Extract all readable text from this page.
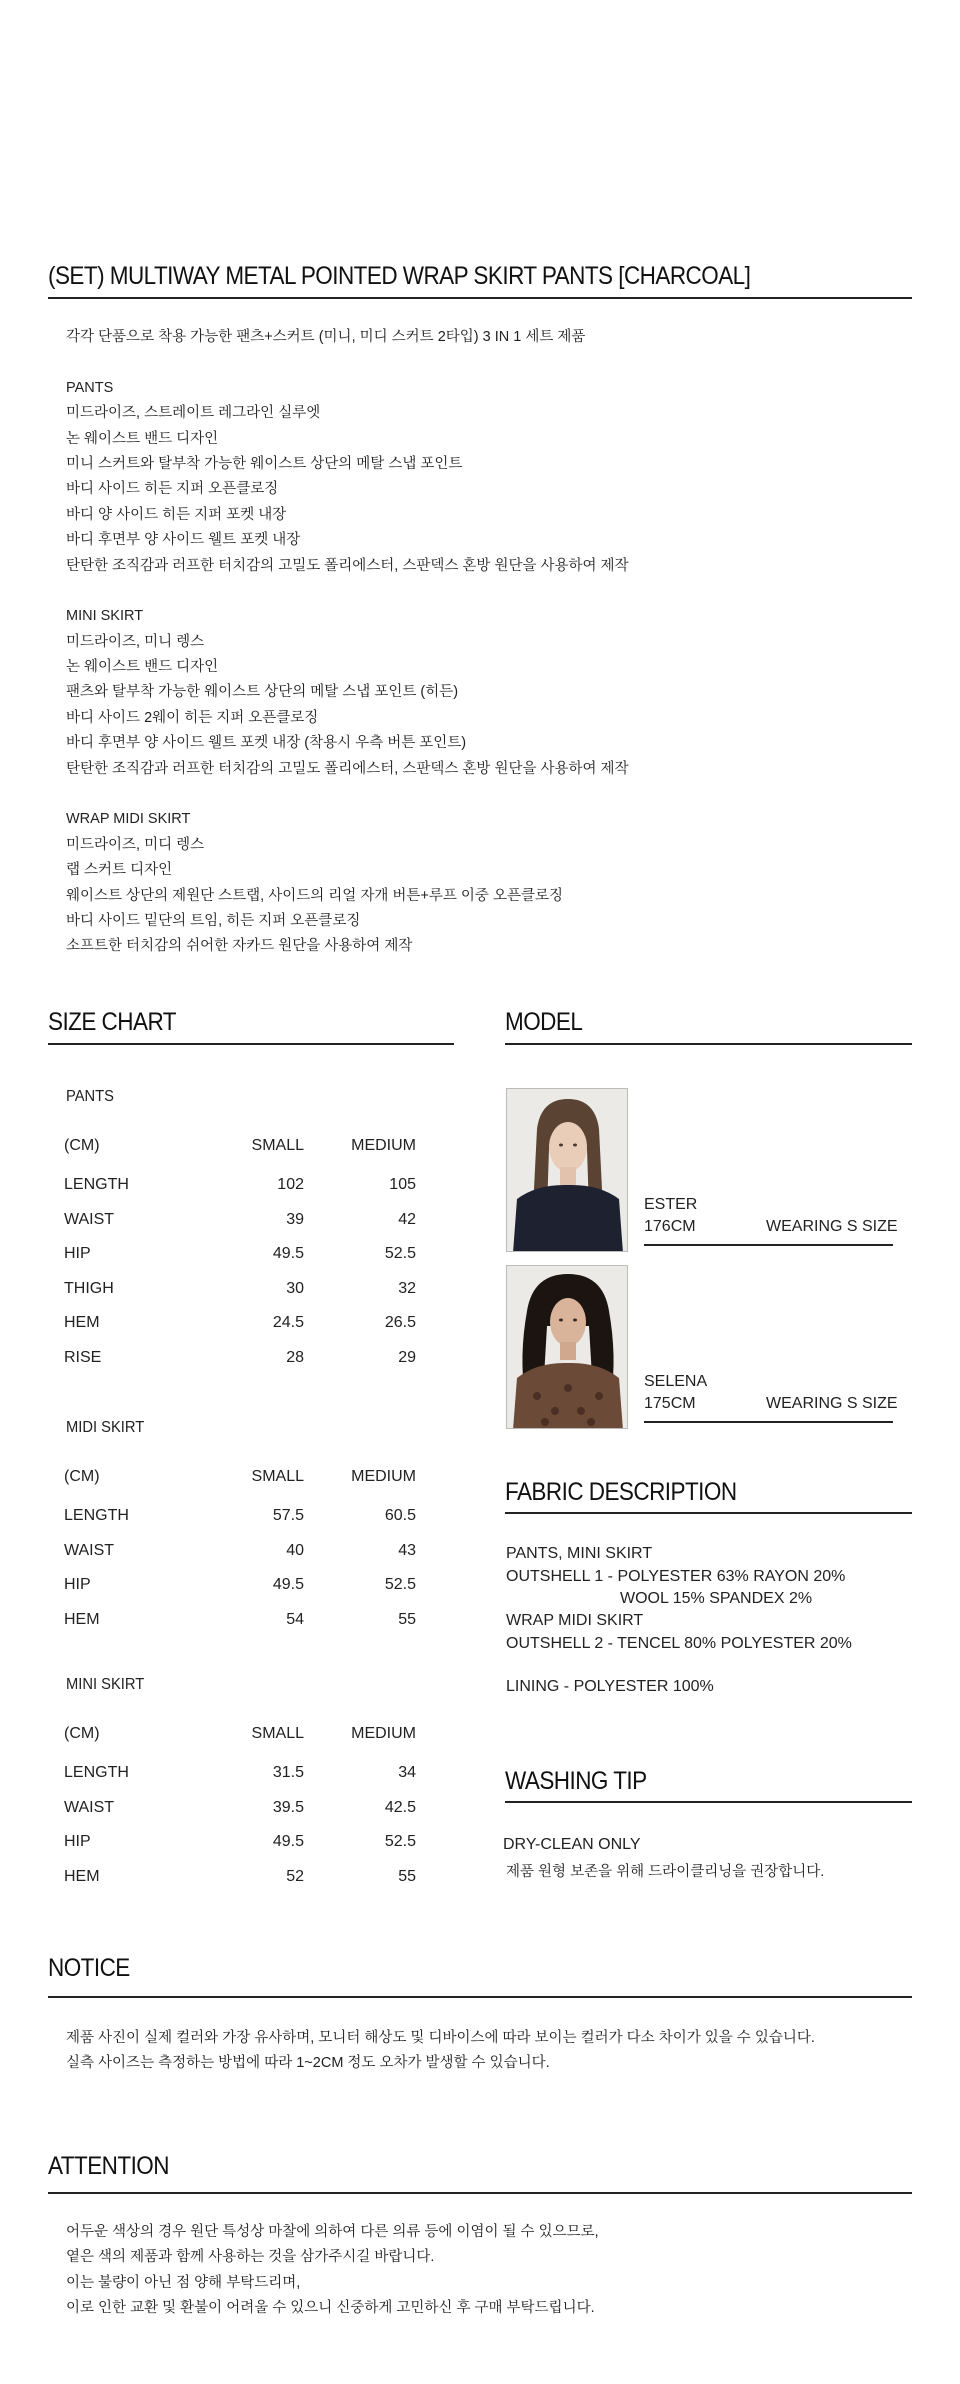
(SET) MULTIWAY METAL POINTED WRAP SKIRT PANTS [CHARCOAL]
각각 단품으로 착용 가능한 팬츠+스커트 (미니, 미디 스커트 2타입) 3 IN 1 세트 제품
PANTS
미드라이즈, 스트레이트 레그라인 실루엣
논 웨이스트 밴드 디자인
미니 스커트와 탈부착 가능한 웨이스트 상단의 메탈 스냅 포인트
바디 사이드 히든 지퍼 오픈클로징
바디 양 사이드 히든 지퍼 포켓 내장
바디 후면부 양 사이드 웰트 포켓 내장
탄탄한 조직감과 러프한 터치감의 고밀도 폴리에스터, 스판덱스 혼방 원단을 사용하여 제작
MINI SKIRT
미드라이즈, 미니 렝스
논 웨이스트 밴드 디자인
팬츠와 탈부착 가능한 웨이스트 상단의 메탈 스냅 포인트 (히든)
바디 사이드 2웨이 히든 지퍼 오픈클로징
바디 후면부 양 사이드 웰트 포켓 내장 (착용시 우측 버튼 포인트)
탄탄한 조직감과 러프한 터치감의 고밀도 폴리에스터, 스판덱스 혼방 원단을 사용하여 제작
WRAP MIDI SKIRT
미드라이즈, 미디 렝스
랩 스커트 디자인
웨이스트 상단의 제원단 스트랩, 사이드의 리얼 자개 버튼+루프 이중 오픈클로징
바디 사이드 밑단의 트임, 히든 지퍼 오픈클로징
소프트한 터치감의 쉬어한 자카드 원단을 사용하여 제작
SIZE CHART
PANTS
(CM)	SMALL	MEDIUM
LENGTH	102	105
WAIST	39	42
HIP	49.5	52.5
THIGH	30	32
HEM	24.5	26.5
RISE	28	29
MIDI SKIRT
(CM)	SMALL	MEDIUM
LENGTH	57.5	60.5
WAIST	40	43
HIP	49.5	52.5
HEM	54	55
MINI SKIRT
(CM)	SMALL	MEDIUM
LENGTH	31.5	34
WAIST	39.5	42.5
HIP	49.5	52.5
HEM	52	55
MODEL
ESTER
176CM	WEARING S SIZE
SELENA
175CM	WEARING S SIZE
FABRIC DESCRIPTION
PANTS, MINI SKIRT
OUTSHELL 1 - POLYESTER 63% RAYON 20%
WOOL 15% SPANDEX 2%
WRAP MIDI SKIRT
OUTSHELL 2 - TENCEL 80% POLYESTER 20%
LINING - POLYESTER 100%
WASHING TIP
DRY-CLEAN ONLY
제품 원형 보존을 위해 드라이클리닝을 권장합니다.
NOTICE
제품 사진이 실제 컬러와 가장 유사하며, 모니터 해상도 및 디바이스에 따라 보이는 컬러가 다소 차이가 있을 수 있습니다.
실측 사이즈는 측정하는 방법에 따라 1~2CM 정도 오차가 발생할 수 있습니다.
ATTENTION
어두운 색상의 경우 원단 특성상 마찰에 의하여 다른 의류 등에 이염이 될 수 있으므로,
옅은 색의 제품과 함께 사용하는 것을 삼가주시길 바랍니다.
이는 불량이 아닌 점 양해 부탁드리며,
이로 인한 교환 및 환불이 어려울 수 있으니 신중하게 고민하신 후 구매 부탁드립니다.
